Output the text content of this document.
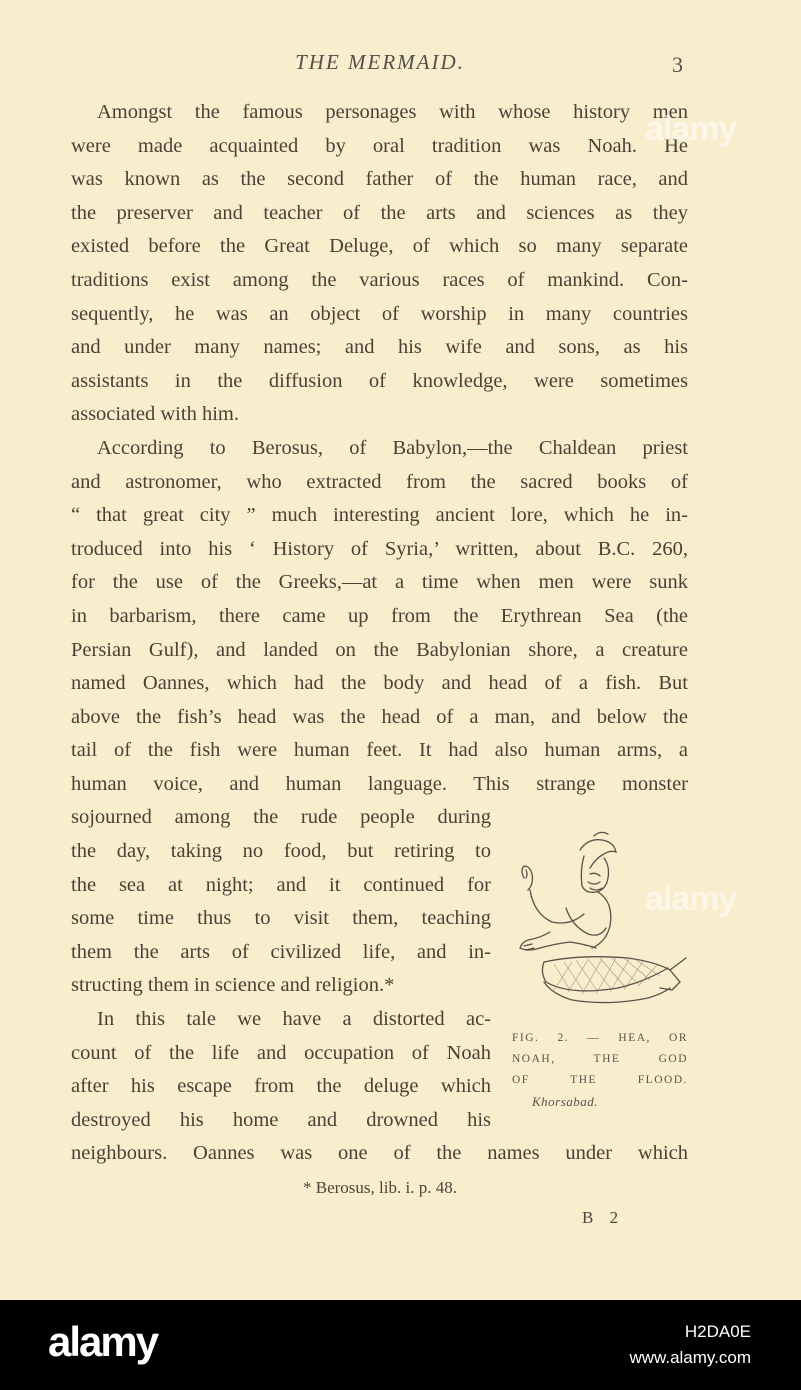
THE MERMAID.	3
Amongst the famous personages with whose history men
were made acquainted by oral tradition was Noah. He
was known as the second father of the human race, and
the preserver and teacher of the arts and sciences as they
existed before the Great Deluge, of which so many separate
traditions exist among the various races of mankind. Con-
sequently, he was an object of worship in many countries
and under many names; and his wife and sons, as his
assistants in the diffusion of knowledge, were sometimes
associated with him.
According to Berosus, of Babylon,—the Chaldean priest
and astronomer, who extracted from the sacred books of
“ that great city ” much interesting ancient lore, which he in-
troduced into his ‘ History of Syria,’ written, about B.C. 260,
for the use of the Greeks,—at a time when men were sunk
in barbarism, there came up from the Erythrean Sea (the
Persian Gulf), and landed on the Babylonian shore, a creature
named Oannes, which had the body and head of a fish. But
above the fish’s head was the head of a man, and below the
tail of the fish were human feet. It had also human arms, a
human voice, and human language. This strange monster
sojourned among the rude people during
the day, taking no food, but retiring to
the sea at night; and it continued for
some time thus to visit them, teaching
them the arts of civilized life, and in-
structing them in science and religion.*
In this tale we have a distorted ac-
count of the life and occupation of Noah
after his escape from the deluge which
destroyed his home and drowned his
neighbours. Oannes was one of the names under which
FIG. 2. — HEA, OR
NOAH, THE GOD
OF THE FLOOD.
Khorsabad.
* Berosus, lib. i. p. 48.
B 2
alamy
alamy
alamy	H2DA0E
www.alamy.com
